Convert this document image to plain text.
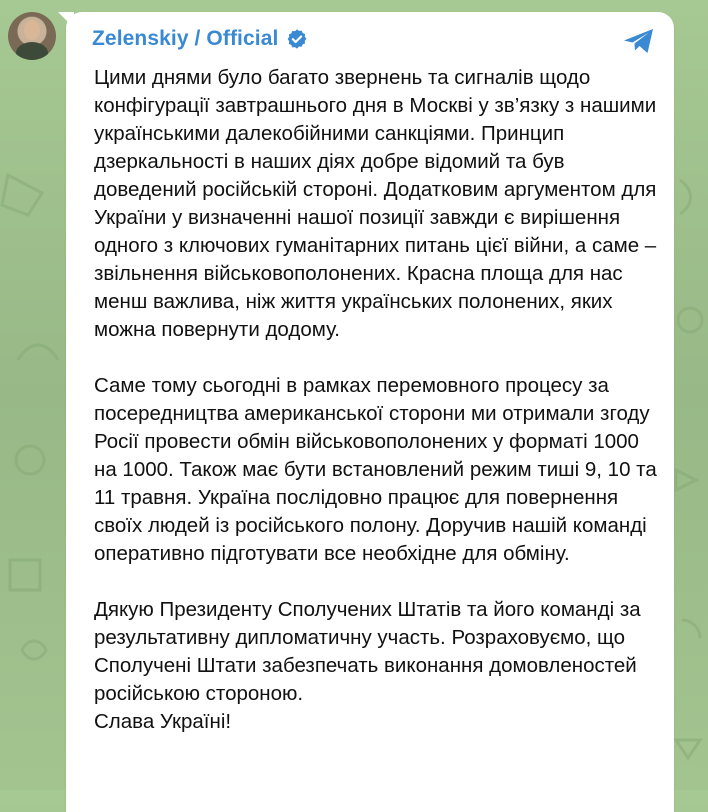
Zelenskiy / Official

Цими днями було багато звернень та сигналів щодо конфігурації завтрашнього дня в Москві у зв’язку з нашими українськими далекобійними санкціями. Принцип дзеркальності в наших діях добре відомий та був доведений російській стороні. Додатковим аргументом для України у визначенні нашої позиції завжди є вирішення одного з ключових гуманітарних питань цієї війни, а саме – звільнення військовополонених. Красна площа для нас менш важлива, ніж життя українських полонених, яких можна повернути додому.

Саме тому сьогодні в рамках перемовного процесу за посередництва американської сторони ми отримали згоду Росії провести обмін військовополонених у форматі 1000 на 1000. Також має бути встановлений режим тиші 9, 10 та 11 травня. Україна послідовно працює для повернення своїх людей із російського полону. Доручив нашій команді оперативно підготувати все необхідне для обміну.

Дякую Президенту Сполучених Штатів та його команді за результативну дипломатичну участь. Розраховуємо, що Сполучені Штати забезпечать виконання домовленостей російською стороною.
Слава Україні!
